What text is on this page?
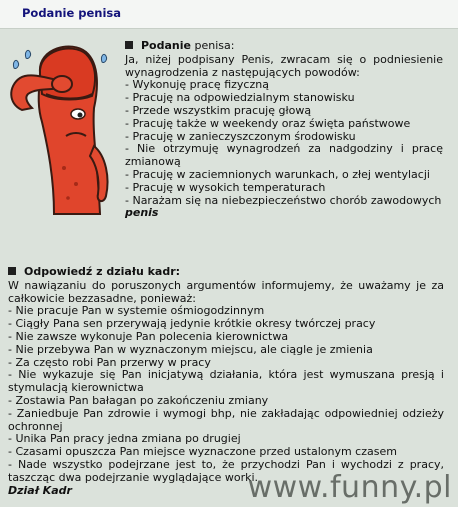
Podanie penisa
Podanie penisa:
Ja, niżej podpisany Penis, zwracam się o podniesienie wynagrodzenia z następujących powodów:
- Wykonuję pracę fizyczną
- Pracuję na odpowiedzialnym stanowisku
- Przede wszystkim pracuję głową
- Pracuję także w weekendy oraz święta państwowe
- Pracuję w zanieczyszczonym środowisku
- Nie otrzymuję wynagrodzeń za nadgodziny i pracę zmianową
- Pracuję w zaciemnionych warunkach, o złej wentylacji
- Pracuję w wysokich temperaturach
- Narażam się na niebezpieczeństwo chorób zawodowych
penis
Odpowiedź z działu kadr:
W nawiązaniu do poruszonych argumentów informujemy, że uważamy je za całkowicie bezzasadne, ponieważ:
- Nie pracuje Pan w systemie ośmiogodzinnym
- Ciągły Pana sen przerywają jedynie krótkie okresy twórczej pracy
- Nie zawsze wykonuje Pan polecenia kierownictwa
- Nie przebywa Pan w wyznaczonym miejscu, ale ciągle je zmienia
- Za często robi Pan przerwy w pracy
- Nie wykazuje się Pan inicjatywą działania, która jest wymuszana presją i stymulacją kierownictwa
- Zostawia Pan bałagan po zakończeniu zmiany
- Zaniedbuje Pan zdrowie i wymogi bhp, nie zakładając odpowiedniej odzieży ochronnej
- Unika Pan pracy jedna zmiana po drugiej
- Czasami opuszcza Pan miejsce wyznaczone przed ustalonym czasem
- Nade wszystko podejrzane jest to, że przychodzi Pan i wychodzi z pracy, taszcząc dwa podejrzanie wyglądające worki.
Dział Kadr	www.funny.pl
